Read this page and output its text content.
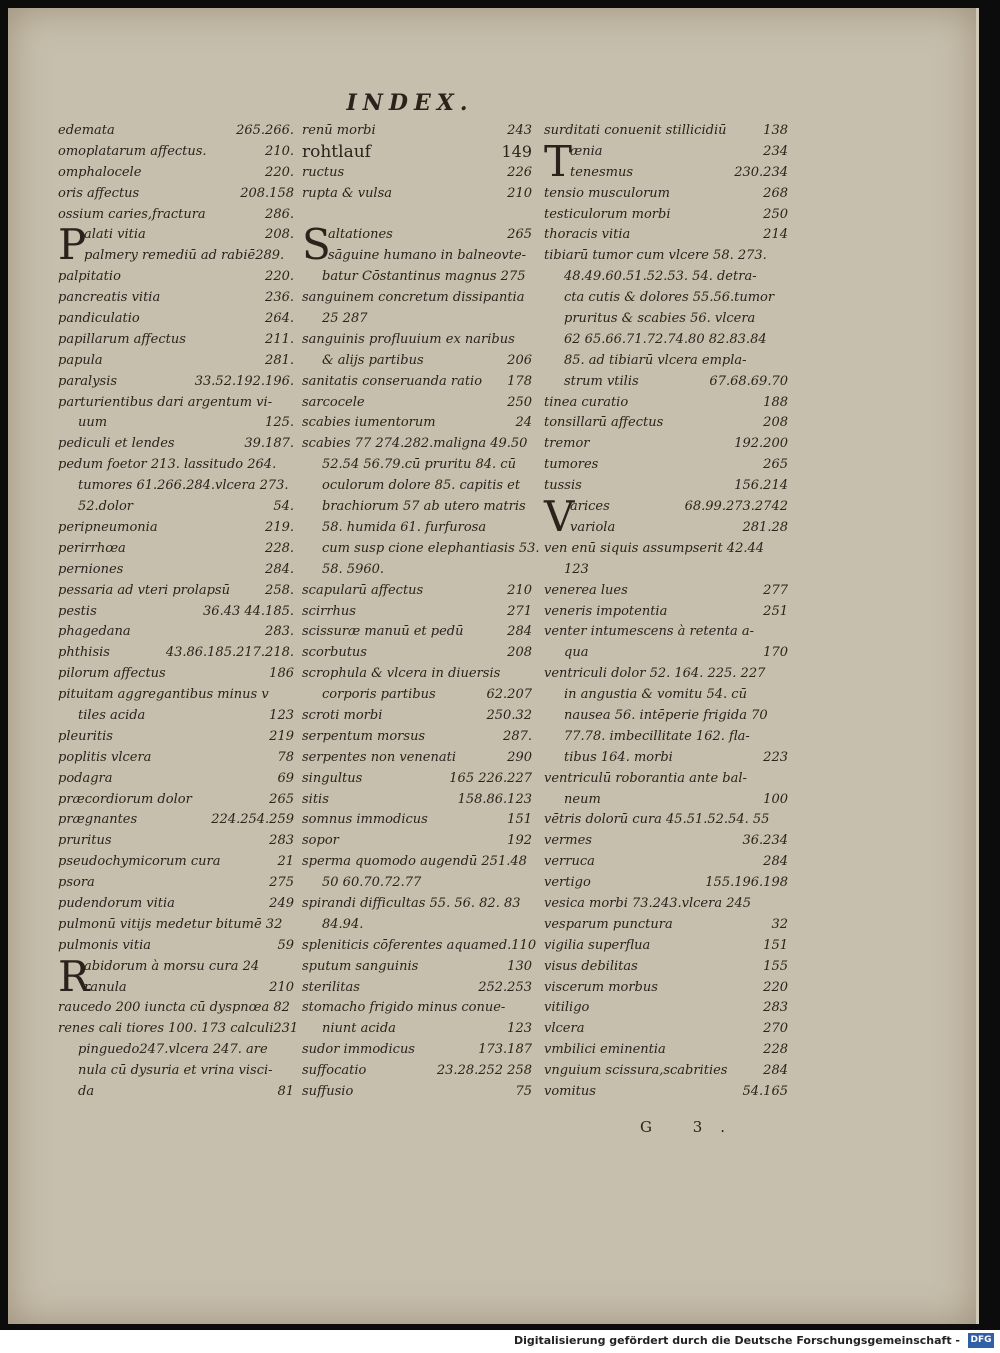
INDEX.
edemata	265.266.
omoplatarum affectus.	210.
omphalocele	220.
oris affectus	208.158
ossium caries,fractura	286.
P
alati vitia	208.
palmery remediū ad rabiē289.
palpitatio	220.
pancreatis vitia	236.
pandiculatio	264.
papillarum affectus	211.
papula	281.
paralysis	33.52.192.196.
parturientibus dari argentum vi-
uum	125.
pediculi et lendes	39.187.
pedum foetor 213. lassitudo 264.
tumores 61.266.284.vlcera 273.
52.dolor	54.
peripneumonia	219.
perirrhœa	228.
perniones	284.
pessaria ad vteri prolapsū	258.
pestis	36.43 44.185.
phagedana	283.
phthisis	43.86.185.217.218.
pilorum affectus	186
pituitam aggregantibus minus v
tiles acida	123
pleuritis	219
poplitis vlcera	78
podagra	69
præcordiorum dolor	265
prægnantes	224.254.259
pruritus	283
pseudochymicorum cura	21
psora	275
pudendorum vitia	249
pulmonū vitijs medetur bitumē 32
pulmonis vitia	59
R
abidorum à morsu cura 24
ranula	210
raucedo 200 iuncta cū dyspnœa 82
renes cali tiores 100. 173 calculi231
pinguedo247.vlcera 247. are
nula cū dysuria et vrina visci-
da	81
renū morbi	243
rohtlauf	149
ructus	226
rupta & vulsa	210
S
altationes	265
sāguine humano in balneovte-
batur Cōstantinus magnus 275
sanguinem concretum dissipantia
25 287
sanguinis profluuium ex naribus
& alijs partibus	206
sanitatis conseruanda ratio 178
sarcocele	250
scabies iumentorum	24
scabies 77 274.282.maligna 49.50
52.54 56.79.cū pruritu 84. cū
oculorum dolore 85. capitis et
brachiorum 57 ab utero matris
58. humida 61. furfurosa
cum susp cione elephantiasis 53.
58. 5960.
scapularū affectus	210
scirrhus	271
scissuræ manuū et pedū	284
scorbutus	208
scrophula & vlcera in diuersis
corporis partibus	62.207
scroti morbi	250.32
serpentum morsus	287.
serpentes non venenati	290
singultus	165 226.227
sitis	158.86.123
somnus immodicus	151
sopor	192
sperma quomodo augendū 251.48
50 60.70.72.77
spirandi difficultas 55. 56. 82. 83
84.94.
spleniticis cōferentes aquamed.110
sputum sanguinis	130
sterilitas	252.253
stomacho frigido minus conue-
niunt acida	123
sudor immodicus	173.187
suffocatio	23.28.252 258
suffusio	75
surditati conuenit stillicidiū	138
T
ænia	234
tenesmus	230.234
tensio musculorum	268
testiculorum morbi	250
thoracis vitia	214
tibiarū tumor cum vlcere 58. 273.
48.49.60.51.52.53. 54. detra-
cta cutis & dolores 55.56.tumor
pruritus & scabies 56. vlcera
62 65.66.71.72.74.80 82.83.84
85. ad tibiarū vlcera empla-
strum vtilis	67.68.69.70
tinea curatio	188
tonsillarū affectus	208
tremor	192.200
tumores	265
tussis	156.214
V
arices	68.99.273.2742
variola	281.28
ven enū siquis assumpserit 42.44
123
venerea lues	277
veneris impotentia	251
venter intumescens à retenta a-
qua	170
ventriculi dolor 52. 164. 225. 227
in angustia & vomitu 54. cū
nausea 56. intēperie frigida 70
77.78. imbecillitate 162. fla-
tibus 164. morbi	223
ventriculū roborantia ante bal-
neum	100
vētris dolorū cura 45.51.52.54. 55
vermes	36.234
verruca	284
vertigo	155.196.198
vesica morbi 73.243.vlcera 245
vesparum punctura	32
vigilia superflua	151
visus debilitas	155
viscerum morbus	220
vitiligo	283
vlcera	270
vmbilici eminentia	228
vnguium scissura,scabrities	284
vomitus	54.165
G 3.
Digitalisierung gefördert durch die Deutsche Forschungsgemeinschaft - DFG
